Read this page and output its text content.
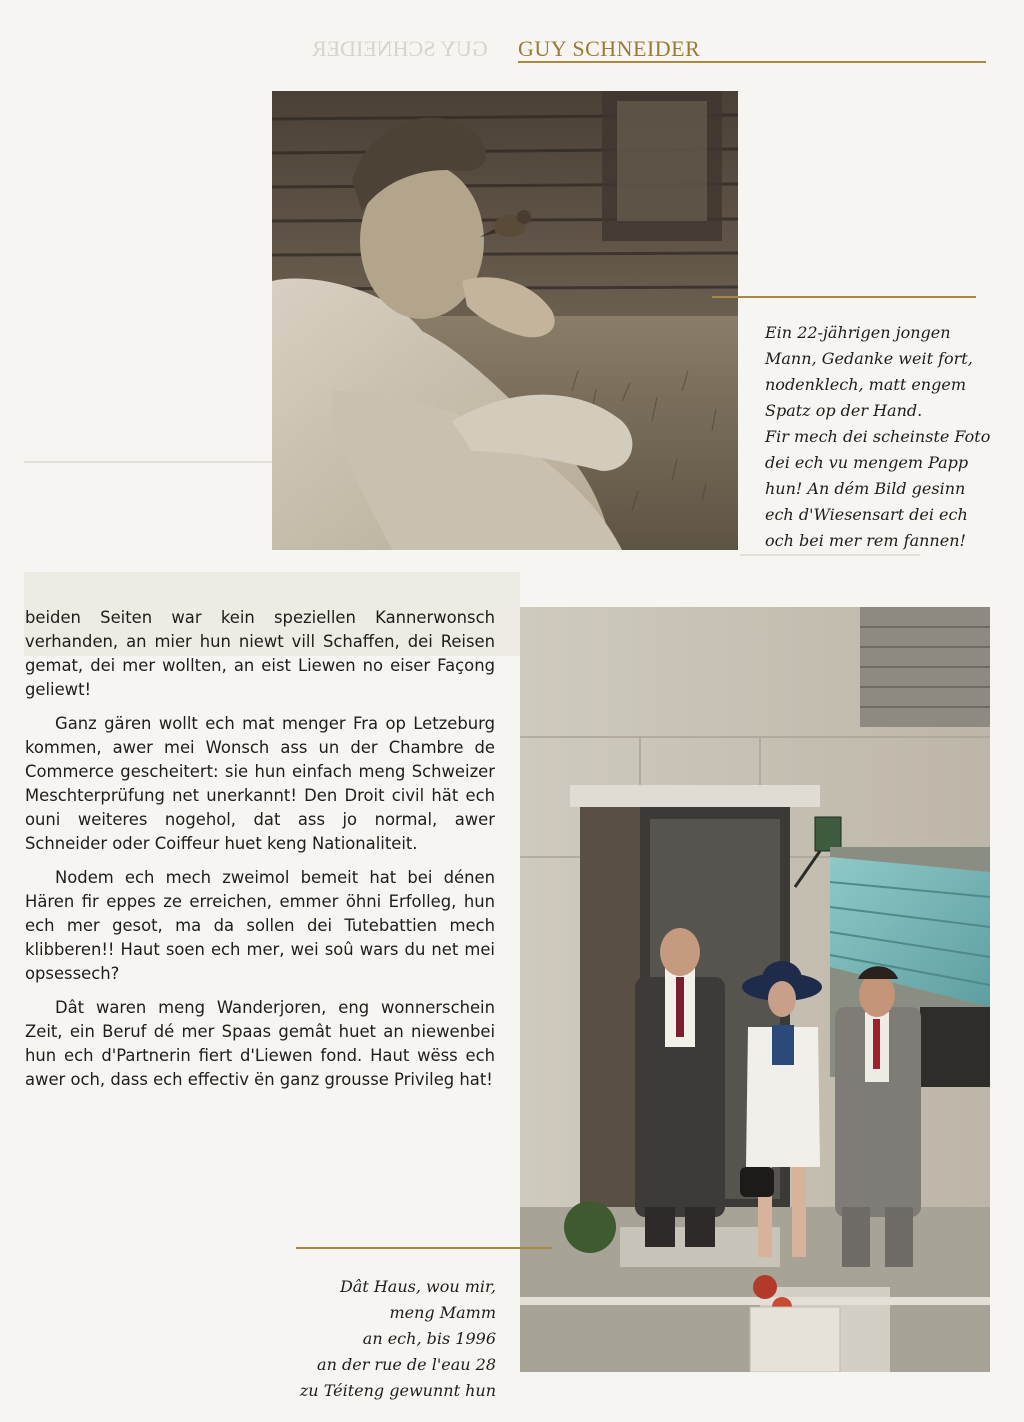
GUY SCHNEIDER GUY SCHNEIDER

Ein 22-jährigen jongen
Mann, Gedanke weit fort,
nodenklech, matt engem
Spatz op der Hand.
Fir mech dei scheinste Foto
dei ech vu mengem Papp
hun! An dém Bild gesinn
ech d'Wiesensart dei ech
och bei mer rem fannen!

beiden Seiten war kein speziellen Kannerwonsch verhanden, an mier hun niewt vill Schaffen, dei Reisen gemat, dei mer wollten, an eist Liewen no eiser Façong geliewt!

Ganz gären wollt ech mat menger Fra op Letzeburg kommen, awer mei Wonsch ass un der Chambre de Commerce gescheitert: sie hun einfach meng Schweizer Meschterprüfung net unerkannt! Den Droit civil hät ech ouni weiteres nogehol, dat ass jo normal, awer Schneider oder Coiffeur huet keng Nationaliteit.

Nodem ech mech zweimol bemeit hat bei dénen Hären fir eppes ze erreichen, emmer öhni Erfolleg, hun ech mer gesot, ma da sollen dei Tutebattien mech klibberen!! Haut soen ech mer, wei soû wars du net mei opsessech?

Dât waren meng Wanderjoren, eng wonnerschein Zeit, ein Beruf dé mer Spaas gemât huet an niewenbei hun ech d'Partnerin fiert d'Liewen fond. Haut wëss ech awer och, dass ech effectiv ën ganz grousse Privileg hat!

Dât Haus, wou mir,
meng Mamm
an ech, bis 1996
an der rue de l'eau 28
zu Téiteng gewunnt hun
